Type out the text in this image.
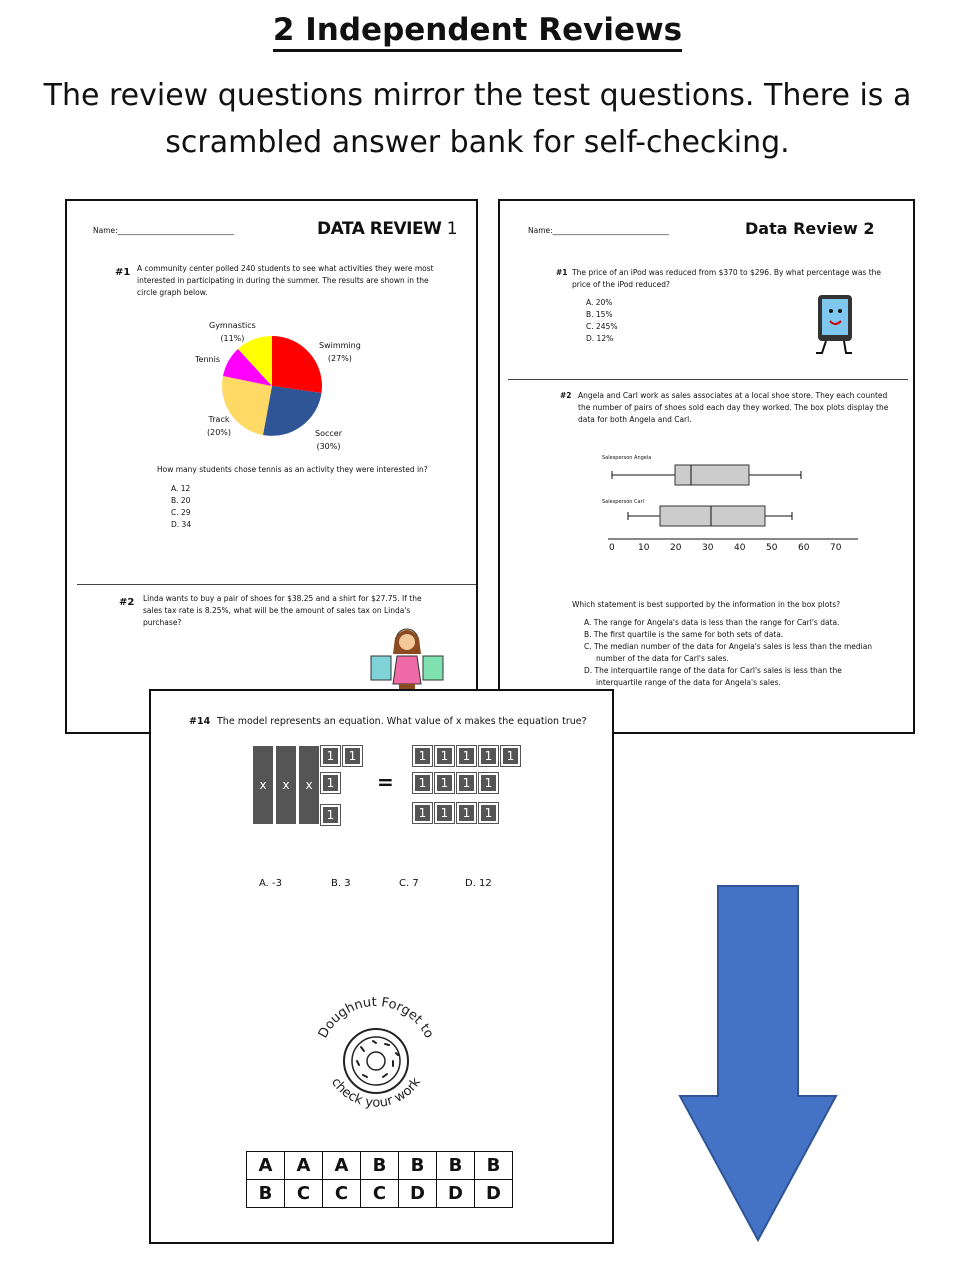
2 Independent Reviews
The review questions mirror the test questions. There is a
scrambled answer bank for self-checking.
Name:_______________________________	DATA REVIEW 1
#1 A community center polled 240 students to see what activities they were most interested in participating in during the summer. The results are shown in the circle graph below.
Gymnastics
(11%)
Tennis
Swimming
(27%)
Track
(20%)	Soccer
(30%)
How many students chose tennis as an activity they were interested in?
A. 12
B. 20
C. 29
D. 34
#2 Linda wants to buy a pair of shoes for $38.25 and a shirt for $27.75. If the sales tax rate is 8.25%, what will be the amount of sales tax on Linda's purchase?
Name:_______________________________	Data Review 2
#1 The price of an iPod was reduced from $370 to $296. By what percentage was the price of the iPod reduced?
A. 20%
B. 15%
C. 245%
D. 12%
#2 Angela and Carl work as sales associates at a local shoe store. They each counted the number of pairs of shoes sold each day they worked. The box plots display the data for both Angela and Carl.
Salesperson Angela
Salesperson Carl
0	10 20 30 40 50 60 70
Which statement is best supported by the information in the box plots?
A. The range for Angela's data is less than the range for Carl's data.
B. The first quartile is the same for both sets of data.
C. The median number of the data for Angela's sales is less than the median
number of the data for Carl's sales.
D. The interquartile range of the data for Carl's sales is less than the
interquartile range of the data for Angela's sales.
#14 The model represents an equation. What value of x makes the equation true?
x x x
1 1
1
1
=
1 1 1 1 1
1 1 1 1
1 1 1 1
A. -3	B. 3	C. 7	D. 12
Doughnut Forget to
check your work
A	A	A	B	B	B	B
B	C	C	C	D	D	D
